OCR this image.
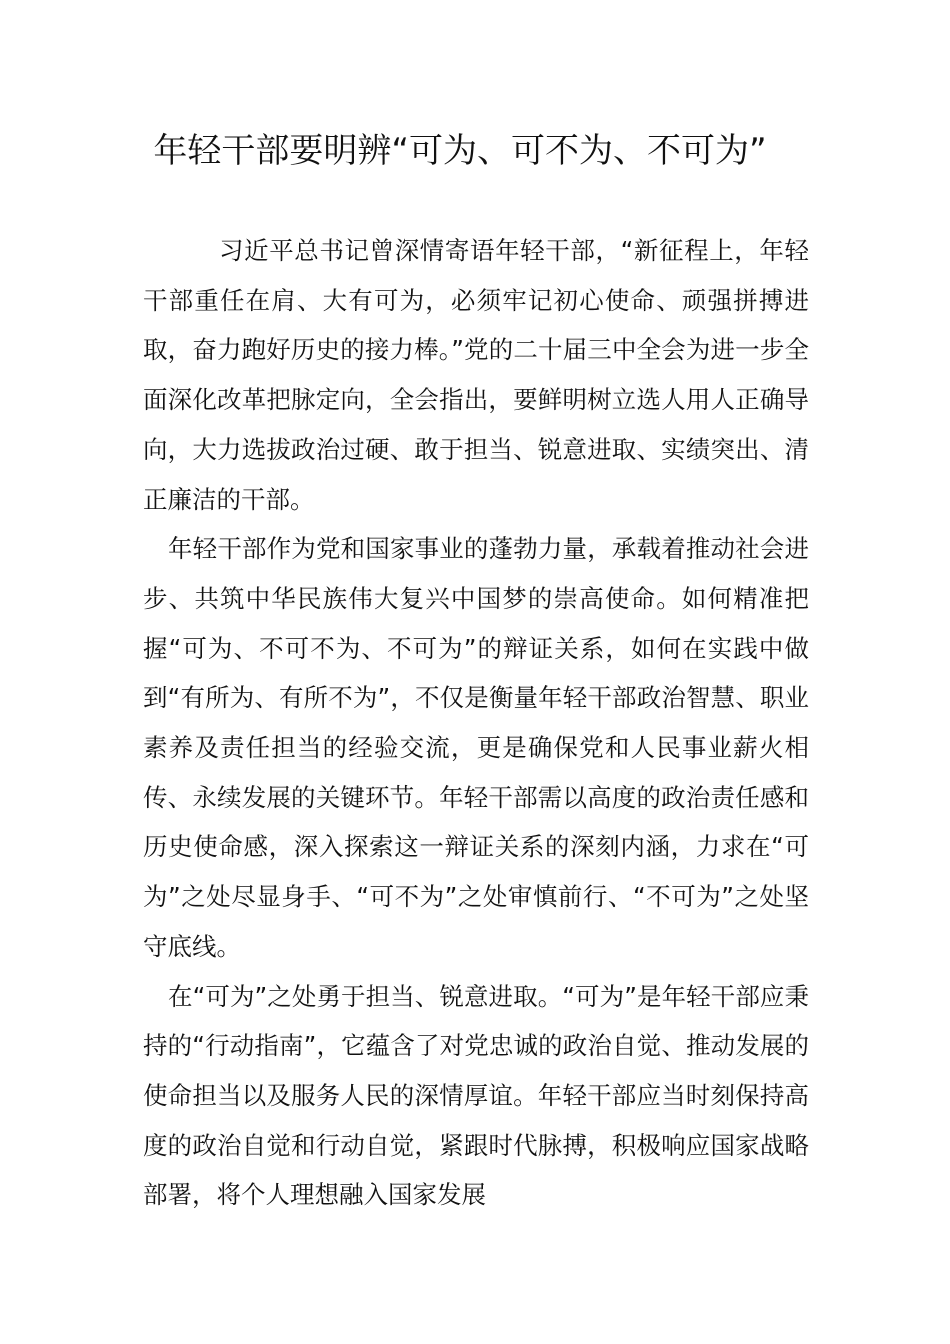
年轻干部要明辨“可为、可不为、不可为”

习近平总书记曾深情寄语年轻干部，“新征程上，年轻干部重任在肩、大有可为，必须牢记初心使命、顽强拼搏进取，奋力跑好历史的接力棒。”党的二十届三中全会为进一步全面深化改革把脉定向，全会指出，要鲜明树立选人用人正确导向，大力选拔政治过硬、敢于担当、锐意进取、实绩突出、清正廉洁的干部。

年轻干部作为党和国家事业的蓬勃力量，承载着推动社会进步、共筑中华民族伟大复兴中国梦的崇高使命。如何精准把握“可为、不可不为、不可为”的辩证关系，如何在实践中做到“有所为、有所不为”，不仅是衡量年轻干部政治智慧、职业素养及责任担当的经验交流，更是确保党和人民事业薪火相传、永续发展的关键环节。年轻干部需以高度的政治责任感和历史使命感，深入探索这一辩证关系的深刻内涵，力求在“可为”之处尽显身手、“可不为”之处审慎前行、“不可为”之处坚守底线。

在“可为”之处勇于担当、锐意进取。“可为”是年轻干部应秉持的“行动指南”，它蕴含了对党忠诚的政治自觉、推动发展的使命担当以及服务人民的深情厚谊。年轻干部应当时刻保持高度的政治自觉和行动自觉，紧跟时代脉搏，积极响应国家战略部署，将个人理想融入国家发展
